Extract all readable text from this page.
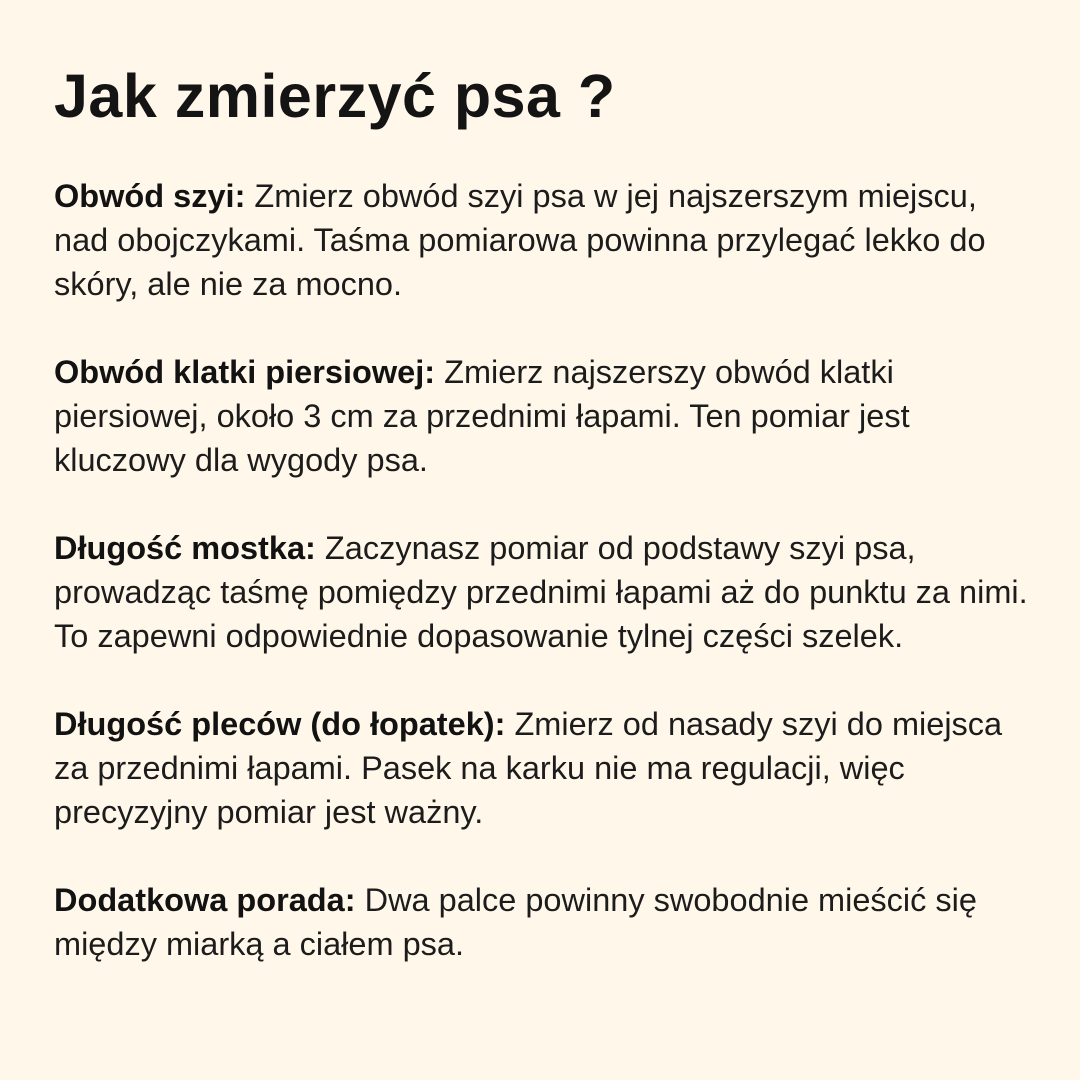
Jak zmierzyć psa ?

Obwód szyi: Zmierz obwód szyi psa w jej najszerszym miejscu, nad obojczykami. Taśma pomiarowa powinna przylegać lekko do skóry, ale nie za mocno.

Obwód klatki piersiowej: Zmierz najszerszy obwód klatki piersiowej, około 3 cm za przednimi łapami. Ten pomiar jest kluczowy dla wygody psa.

Długość mostka: Zaczynasz pomiar od podstawy szyi psa, prowadząc taśmę pomiędzy przednimi łapami aż do punktu za nimi. To zapewni odpowiednie dopasowanie tylnej części szelek.

Długość pleców (do łopatek): Zmierz od nasady szyi do miejsca za przednimi łapami. Pasek na karku nie ma regulacji, więc precyzyjny pomiar jest ważny.

Dodatkowa porada: Dwa palce powinny swobodnie mieścić się między miarką a ciałem psa.
